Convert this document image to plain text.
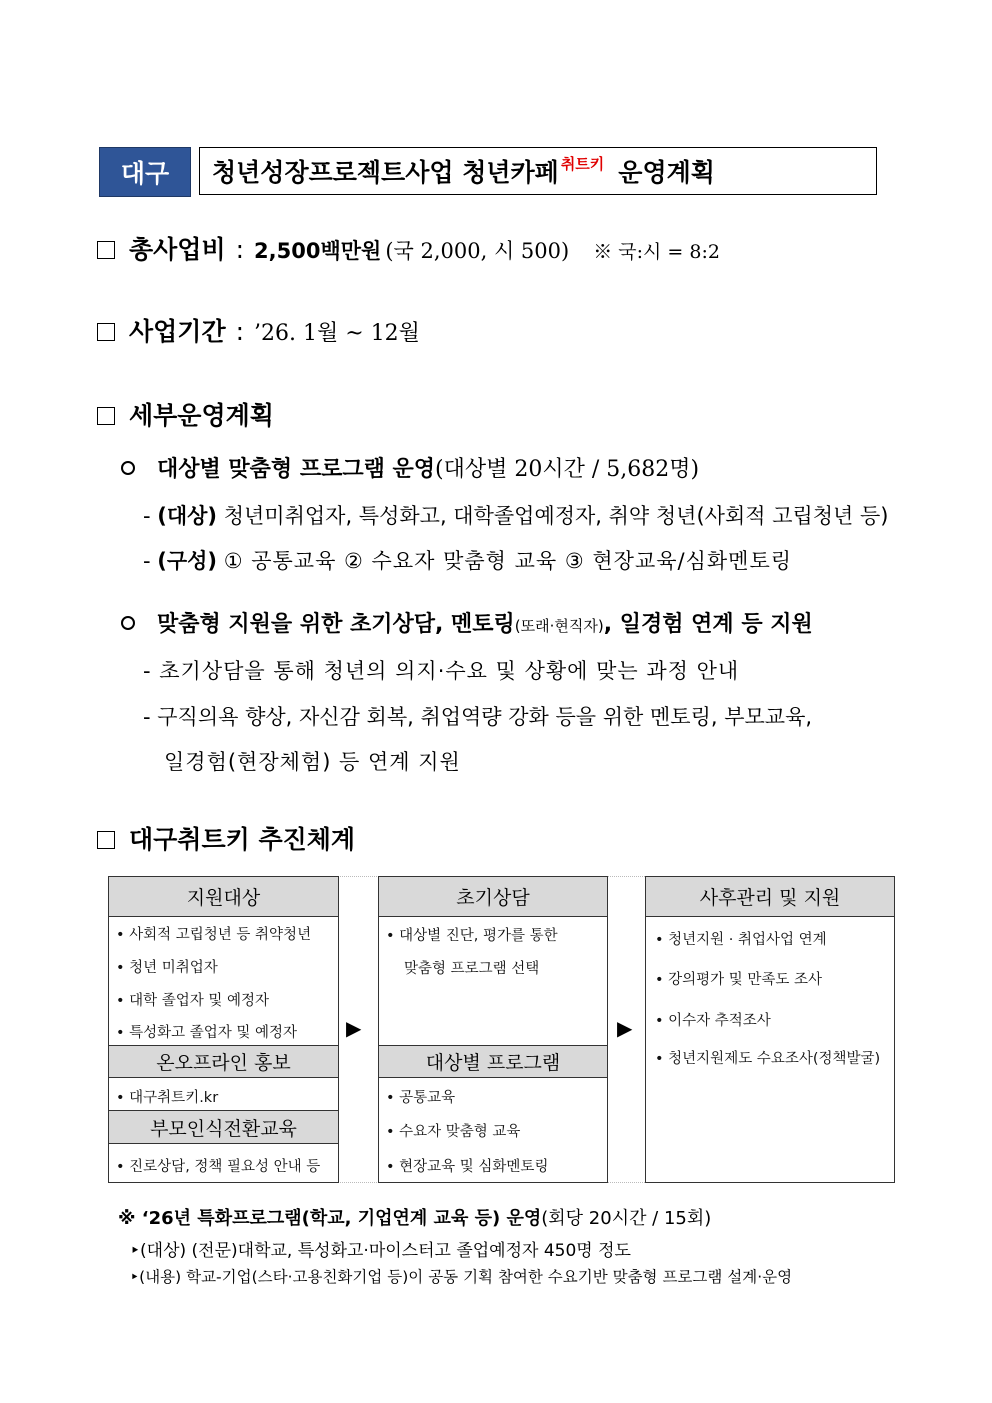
대구	청년성장프로젝트사업 청년카페$^{취트키}$ 운영계획
총사업비 : 2,500백만원 (국 2,000, 시 500) ※ 국:시 = 8:2
사업기간 : ’26. 1월 ~ 12월
세부운영계획
대상별 맞춤형 프로그램 운영(대상별 20시간 / 5,682명)
- (대상) 청년미취업자, 특성화고, 대학졸업예정자, 취약 청년(사회적 고립청년 등)
- (구성) ① 공통교육 ② 수요자 맞춤형 교육 ③ 현장교육/심화멘토링
맞춤형 지원을 위한 초기상담, 멘토링(또래·현직자), 일경험 연계 등 지원
- 초기상담을 통해 청년의 의지·수요 및 상황에 맞는 과정 안내
- 구직의욕 향상, 자신감 회복, 취업역량 강화 등을 위한 멘토링, 부모교육,
일경험(현장체험) 등 연계 지원
대구취트키 추진체계
지원대상
• 사회적 고립청년 등 취약청년
• 청년 미취업자
• 대학 졸업자 및 예정자
• 특성화고 졸업자 및 예정자
온오프라인 홍보
• 대구취트키.kr
부모인식전환교육
• 진로상담, 정책 필요성 안내 등
▶
초기상담
• 대상별 진단, 평가를 통한
맞춤형 프로그램 선택
대상별 프로그램
• 공통교육
• 수요자 맞춤형 교육
• 현장교육 및 심화멘토링
▶
사후관리 및 지원
• 청년지원 · 취업사업 연계
• 강의평가 및 만족도 조사
• 이수자 추적조사
• 청년지원제도 수요조사(정책발굴)
※ ‘26년 특화프로그램(학교, 기업연계 교육 등) 운영(회당 20시간 / 15회)
‣(대상) (전문)대학교, 특성화고·마이스터고 졸업예정자 450명 정도
‣(내용) 학교-기업(스타·고용친화기업 등)이 공동 기획 참여한 수요기반 맞춤형 프로그램 설계·운영
